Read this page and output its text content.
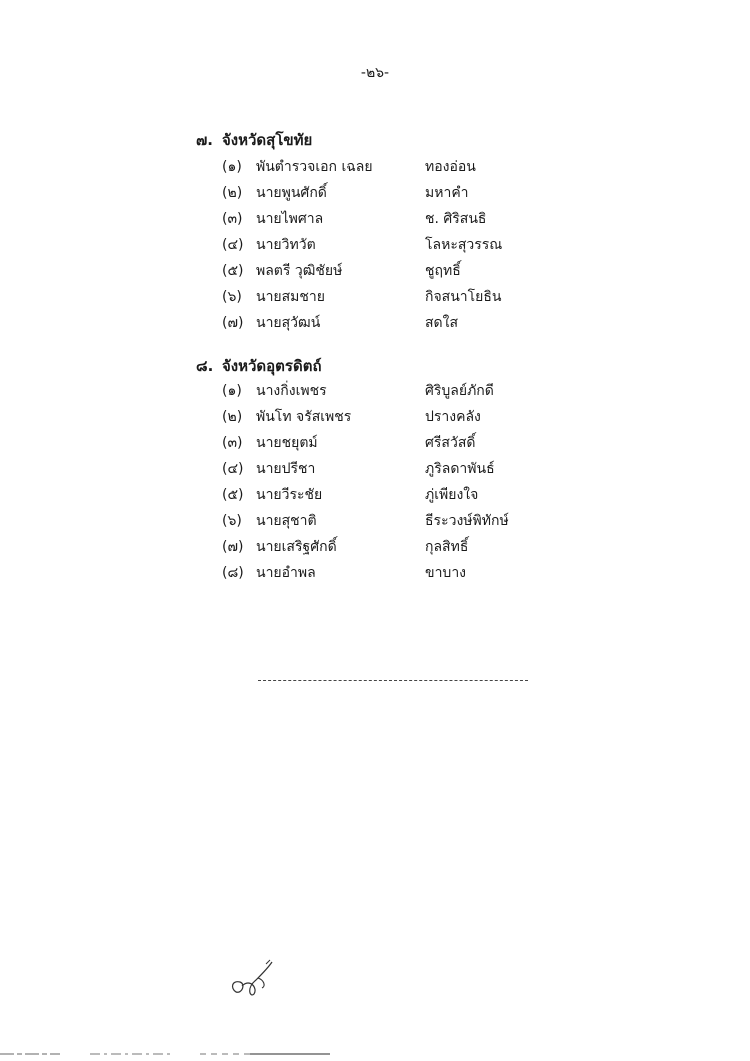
-๒๖-
๗. จังหวัดสุโขทัย
(๑) พันตำรวจเอก เฉลย	ทองอ่อน
(๒) นายพูนศักดิ์	มหาคำ
(๓) นายไพศาล	ช. ศิริสนธิ
(๔) นายวิทวัต	โลหะสุวรรณ
(๕) พลตรี วุฒิชัยษ์	ชูฤทธิ์
(๖) นายสมชาย	กิจสนาโยธิน
(๗) นายสุวัฒน์	สดใส
๘. จังหวัดอุตรดิตถ์
(๑) นางกิ่งเพชร	ศิริบูลย์ภักดี
(๒) พันโท จรัสเพชร	ปรางคลัง
(๓) นายชยุตม์	ศรีสวัสดิ์
(๔) นายปรีชา	ภูริลดาพันธ์
(๕) นายวีระชัย	ภู่เพียงใจ
(๖) นายสุชาติ	ธีระวงษ์พิทักษ์
(๗) นายเสริฐศักดิ์	กุลสิทธิ์
(๘) นายอำพล	ขาบาง
